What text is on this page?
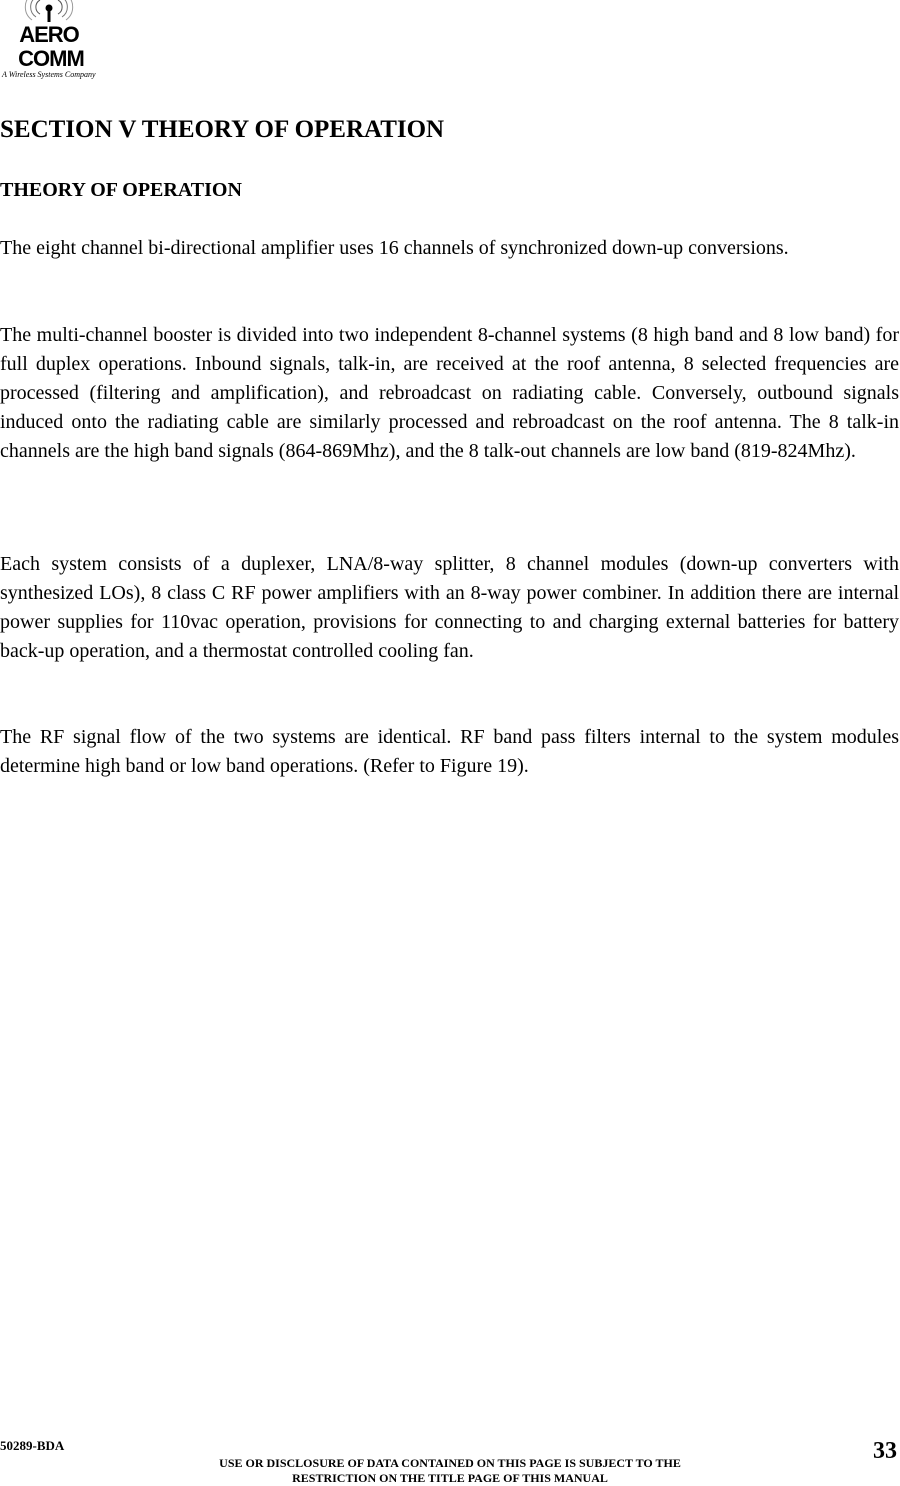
AERO
COMM
A Wireless Systems Company
SECTION V THEORY OF OPERATION
THEORY OF OPERATION

The eight channel bi-directional amplifier uses 16 channels of synchronized down-up conversions.

The multi-channel booster is divided into two independent 8-channel systems (8 high band and 8 low band) for full duplex operations. Inbound signals, talk-in, are received at the roof antenna, 8 selected frequencies are processed (filtering and amplification), and rebroadcast on radiating cable. Conversely, outbound signals induced onto the radiating cable are similarly processed and rebroadcast on the roof antenna. The 8 talk-in channels are the high band signals (864-869Mhz), and the 8 talk-out channels are low band (819-824Mhz).

Each system consists of a duplexer, LNA/8-way splitter, 8 channel modules (down-up converters with synthesized LOs), 8 class C RF power amplifiers with an 8-way power combiner. In addition there are internal power supplies for 110vac operation, provisions for connecting to and charging external batteries for battery back-up operation, and a thermostat controlled cooling fan.

The RF signal flow of the two systems are identical. RF band pass filters internal to the system modules determine high band or low band operations. (Refer to Figure 19).

50289-BDA
USE OR DISCLOSURE OF DATA CONTAINED ON THIS PAGE IS SUBJECT TO THE
RESTRICTION ON THE TITLE PAGE OF THIS MANUAL
33
